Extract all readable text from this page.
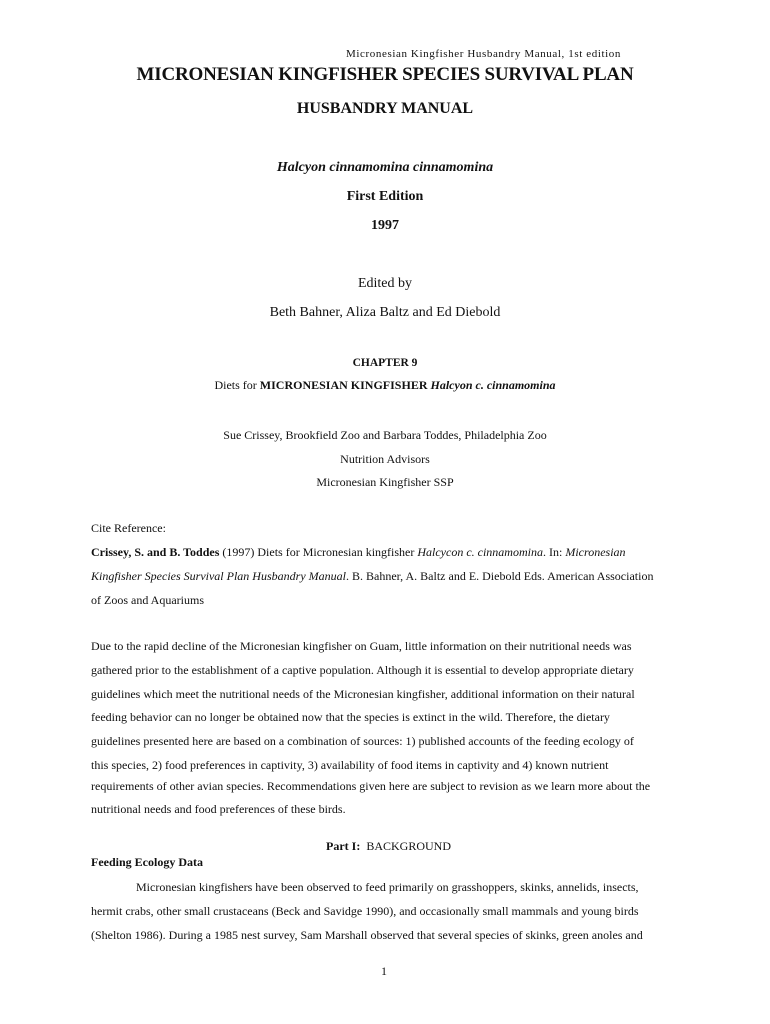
Micronesian Kingfisher Husbandry Manual, 1st edition
MICRONESIAN KINGFISHER SPECIES SURVIVAL PLAN
HUSBANDRY MANUAL
Halcyon cinnamomina cinnamomina
First Edition
1997
Edited by
Beth Bahner, Aliza Baltz and Ed Diebold
CHAPTER 9
Diets for MICRONESIAN KINGFISHER Halcyon c. cinnamomina
Sue Crissey, Brookfield Zoo and Barbara Toddes, Philadelphia Zoo
Nutrition Advisors
Micronesian Kingfisher SSP
Cite Reference:
Crissey, S. and B. Toddes (1997) Diets for Micronesian kingfisher Halcycon c. cinnamomina. In: Micronesian
Kingfisher Species Survival Plan Husbandry Manual. B. Bahner, A. Baltz and E. Diebold Eds. American Association
of Zoos and Aquariums
Due to the rapid decline of the Micronesian kingfisher on Guam, little information on their nutritional needs was
gathered prior to the establishment of a captive population. Although it is essential to develop appropriate dietary
guidelines which meet the nutritional needs of the Micronesian kingfisher, additional information on their natural
feeding behavior can no longer be obtained now that the species is extinct in the wild. Therefore, the dietary
guidelines presented here are based on a combination of sources: 1) published accounts of the feeding ecology of
this species, 2) food preferences in captivity, 3) availability of food items in captivity and 4) known nutrient
requirements of other avian species. Recommendations given here are subject to revision as we learn more about the
nutritional needs and food preferences of these birds.
Part I: BACKGROUND
Feeding Ecology Data
Micronesian kingfishers have been observed to feed primarily on grasshoppers, skinks, annelids, insects,
hermit crabs, other small crustaceans (Beck and Savidge 1990), and occasionally small mammals and young birds
(Shelton 1986). During a 1985 nest survey, Sam Marshall observed that several species of skinks, green anoles and
1
